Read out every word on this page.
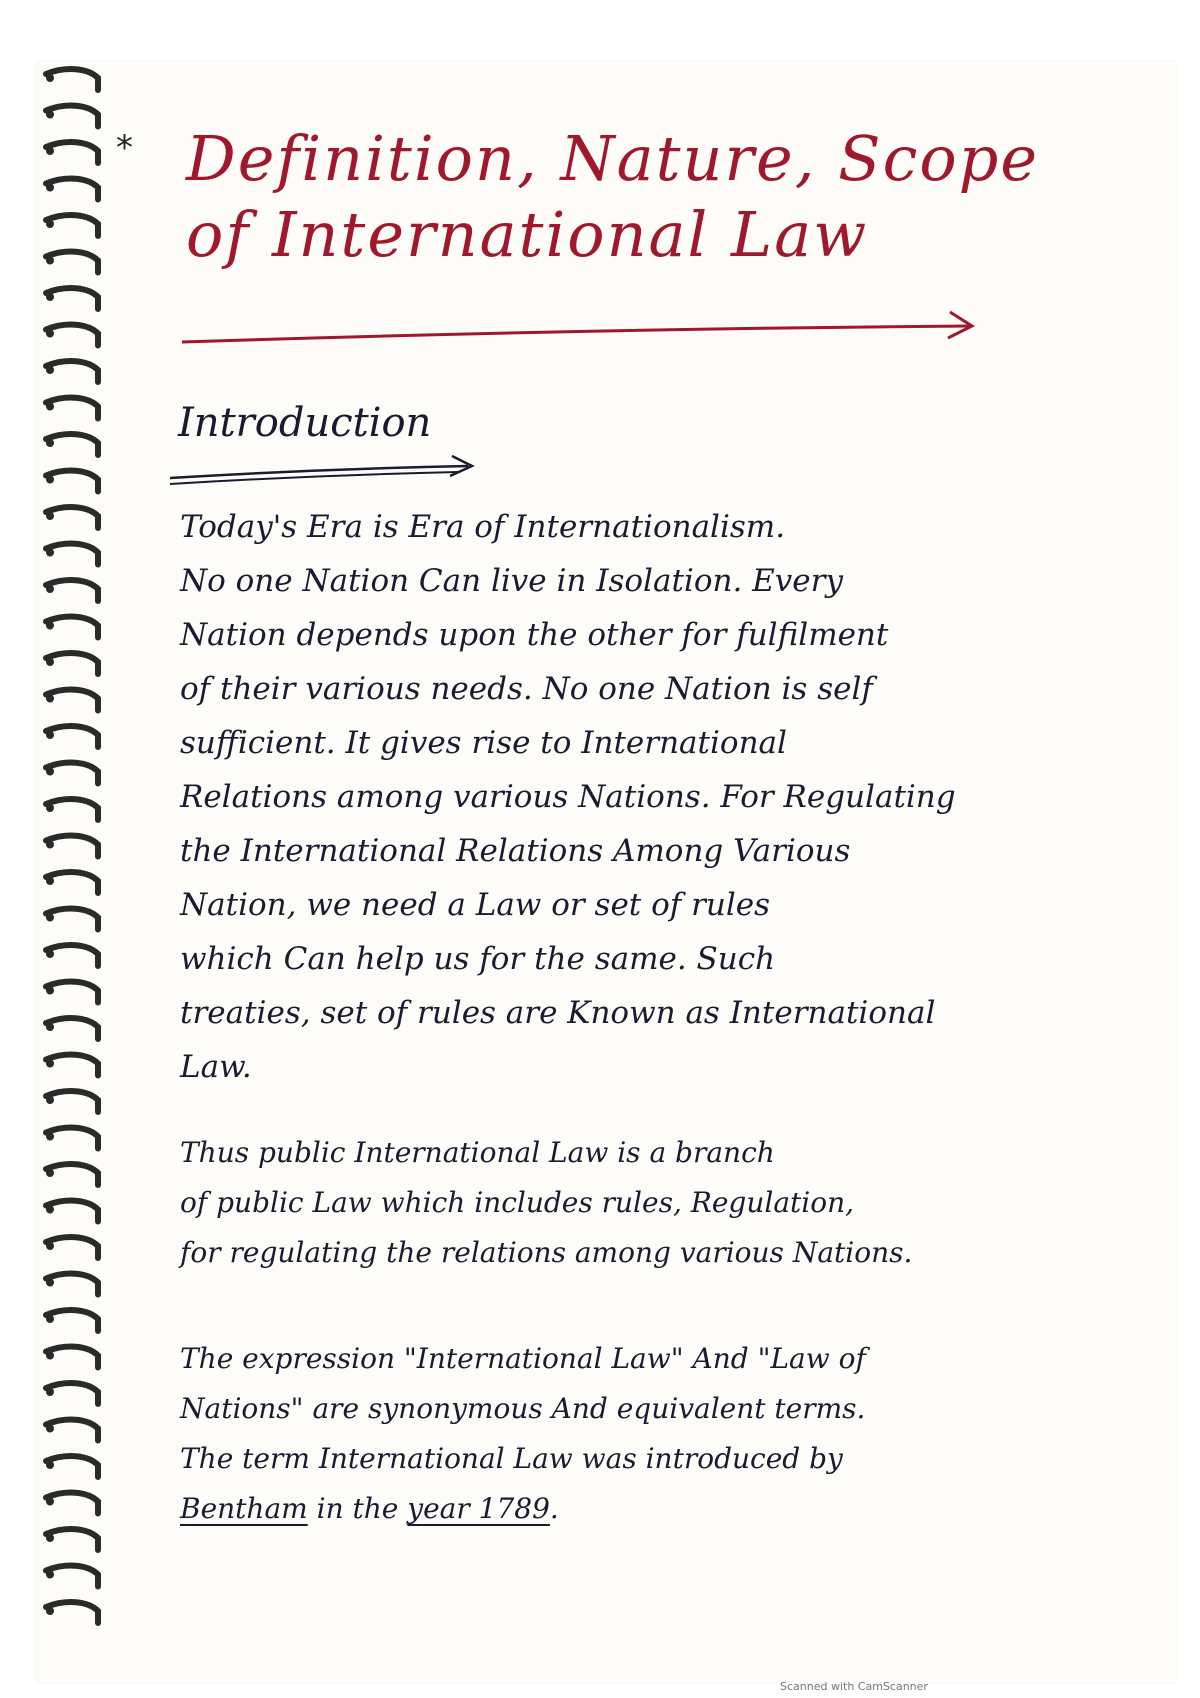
* Definition, Nature, Scope
of International Law
Introduction
Today's Era is Era of Internationalism.
No one Nation Can live in Isolation. Every
Nation depends upon the other for fulfilment
of their various needs. No one Nation is self
sufficient. It gives rise to International
Relations among various Nations. For Regulating
the International Relations Among Various
Nation, we need a Law or set of rules
which Can help us for the same. Such
treaties, set of rules are Known as International
Law.
Thus public International Law is a branch
of public Law which includes rules, Regulation,
for regulating the relations among various Nations.
The expression "International Law" And "Law of
Nations" are synonymous And equivalent terms.
The term International Law was introduced by
Bentham in the year 1789.
Scanned with CamScanner
